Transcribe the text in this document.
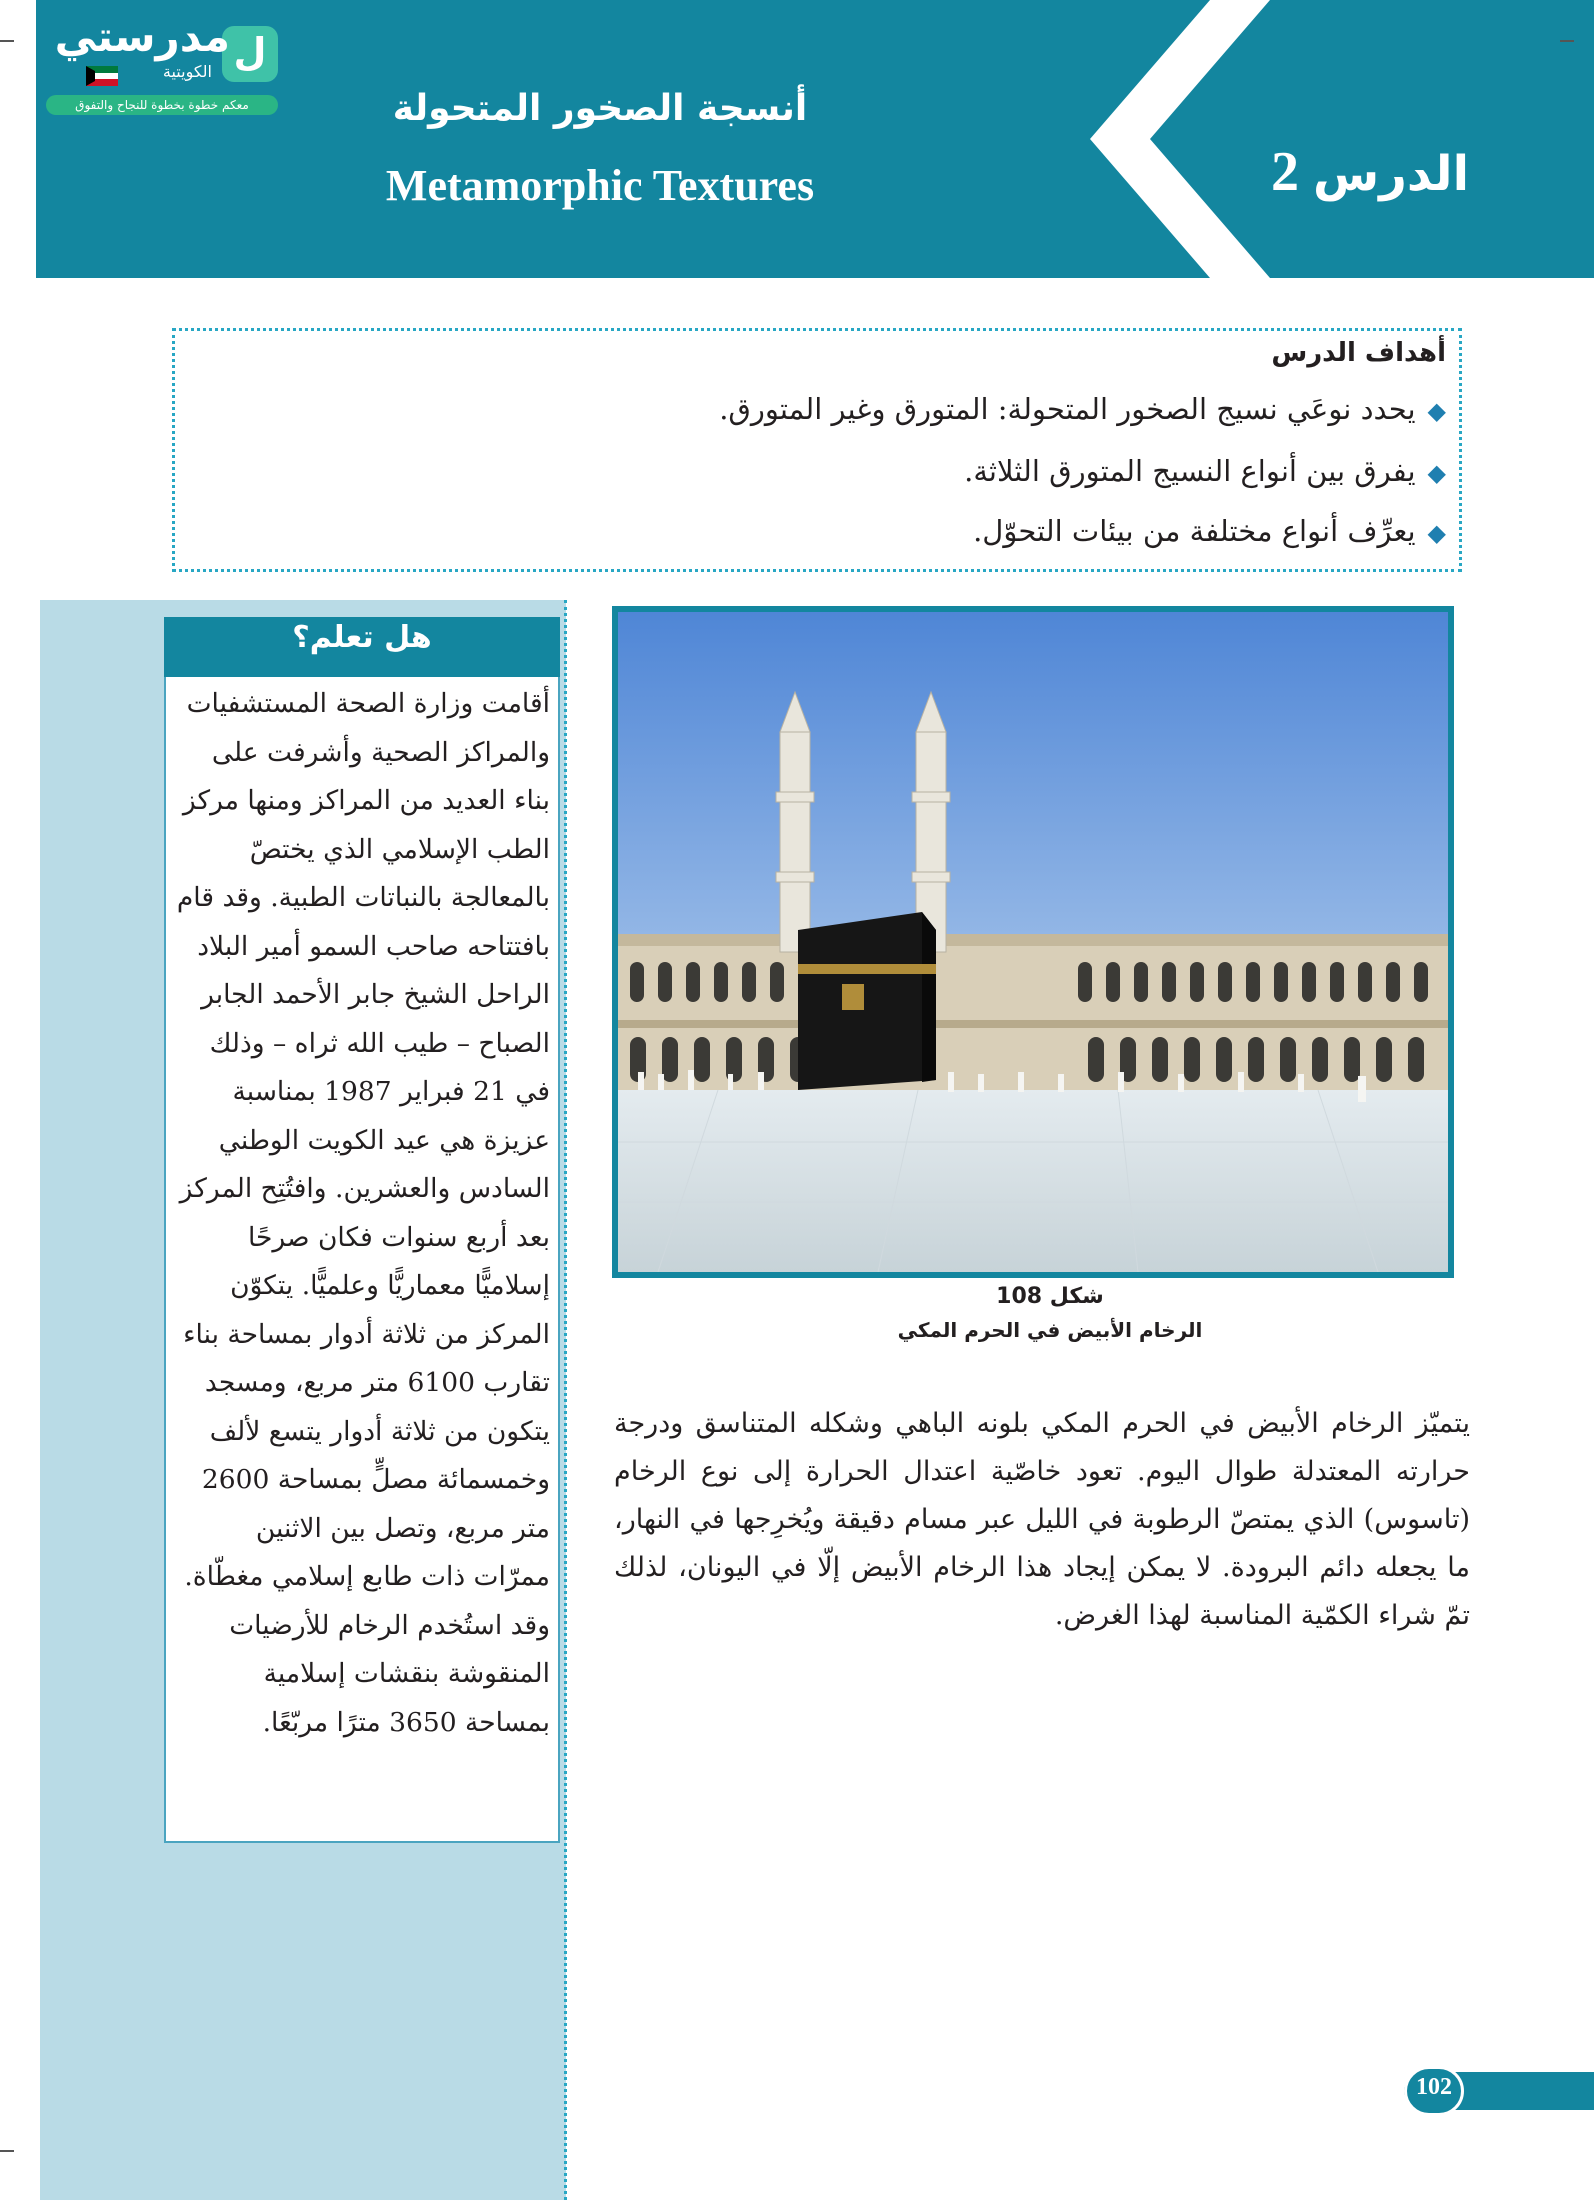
أنسجة الصخور المتحولة
Metamorphic Textures	الدرس2
ل
مدرستي
الكويتية
معكم خطوة بخطوة للنجاح والتفوق
أهداف الدرس
◆يحدد نوعَي نسيج الصخور المتحولة: المتورق وغير المتورق.
◆يفرق بين أنواع النسيج المتورق الثلاثة.
◆يعرِّف أنواع مختلفة من بيئات التحوّل.
هل تعلم؟
أقامت وزارة الصحة المستشفيات والمراكز الصحية وأشرفت على بناء العديد من المراكز ومنها مركز الطب الإسلامي الذي يختصّ بالمعالجة بالنباتات الطبية. وقد قام بافتتاحه صاحب السمو أمير البلاد الراحل الشيخ جابر الأحمد الجابر الصباح – طيب الله ثراه – وذلك في 21 فبراير 1987 بمناسبة عزيزة هي عيد الكويت الوطني السادس والعشرين. وافتُتِح المركز بعد أربع سنوات فكان صرحًا إسلاميًّا معماريًّا وعلميًّا. يتكوّن المركز من ثلاثة أدوار بمساحة بناء تقارب 6100 متر مربع، ومسجد يتكون من ثلاثة أدوار يتسع لألف وخمسمائة مصلٍّ بمساحة 2600 متر مربع، وتصل بين الاثنين ممرّات ذات طابع إسلامي مغطّاة. وقد استُخدم الرخام للأرضيات المنقوشة بنقشات إسلامية بمساحة 3650 مترًا مربّعًا.
شكل 108
الرخام الأبيض في الحرم المكي
يتميّز الرخام الأبيض في الحرم المكي بلونه الباهي وشكله المتناسق ودرجة حرارته المعتدلة طوال اليوم. تعود خاصّية اعتدال الحرارة إلى نوع الرخام (تاسوس) الذي يمتصّ الرطوبة في الليل عبر مسام دقيقة ويُخرِجها في النهار، ما يجعله دائم البرودة. لا يمكن إيجاد هذا الرخام الأبيض إلّا في اليونان، لذلك تمّ شراء الكمّية المناسبة لهذا الغرض.
102
